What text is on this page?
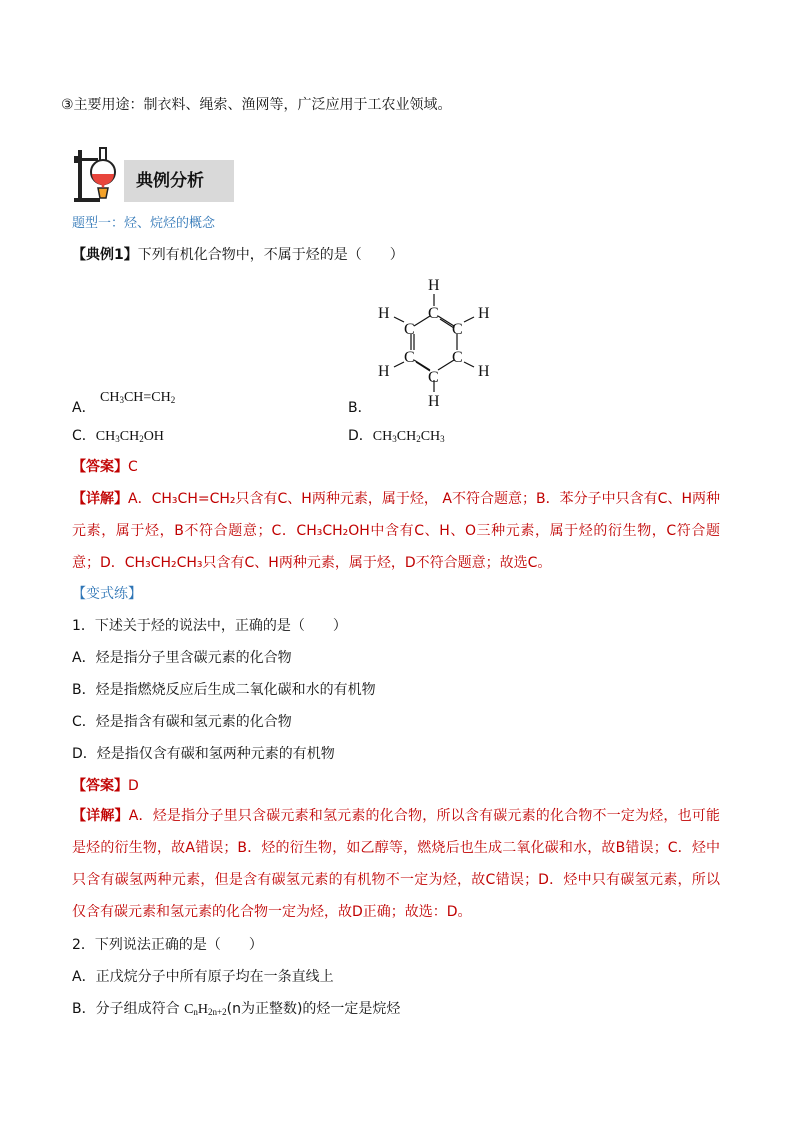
③主要用途：制衣料、绳索、渔网等，广泛应用于工农业领域。
典例分析
题型一：烃、烷烃的概念
【典例1】下列有机化合物中，不属于烃的是（　　）
H
H
H	H
H	H
C
C
C C
C C
A．
$CH_3CH=CH_2$	B．
C．$CH_3CH_2OH$	D．$CH_3CH_2CH_3$
【答案】C
【详解】A．CH₃CH=CH₂只含有C、H两种元素，属于烃， A不符合题意；B．苯分子中只含有C、H两种元素，属于烃，B不符合题意；C．CH₃CH₂OH中含有C、H、O三种元素，属于烃的衍生物，C符合题意；D．CH₃CH₂CH₃只含有C、H两种元素，属于烃，D不符合题意；故选C。
【变式练】
1．下述关于烃的说法中，正确的是（　　）
A．烃是指分子里含碳元素的化合物
B．烃是指燃烧反应后生成二氧化碳和水的有机物
C．烃是指含有碳和氢元素的化合物
D．烃是指仅含有碳和氢两种元素的有机物
【答案】D
【详解】A．烃是指分子里只含碳元素和氢元素的化合物，所以含有碳元素的化合物不一定为烃，也可能是烃的衍生物，故A错误；B．烃的衍生物，如乙醇等，燃烧后也生成二氧化碳和水，故B错误；C．烃中只含有碳氢两种元素，但是含有碳氢元素的有机物不一定为烃，故C错误；D．烃中只有碳氢元素，所以仅含有碳元素和氢元素的化合物一定为烃，故D正确；故选：D。
2．下列说法正确的是（　　）
A．正戊烷分子中所有原子均在一条直线上
B．分子组成符合 $C_nH_{2n+2}(n$为正整数)的烃一定是烷烃
